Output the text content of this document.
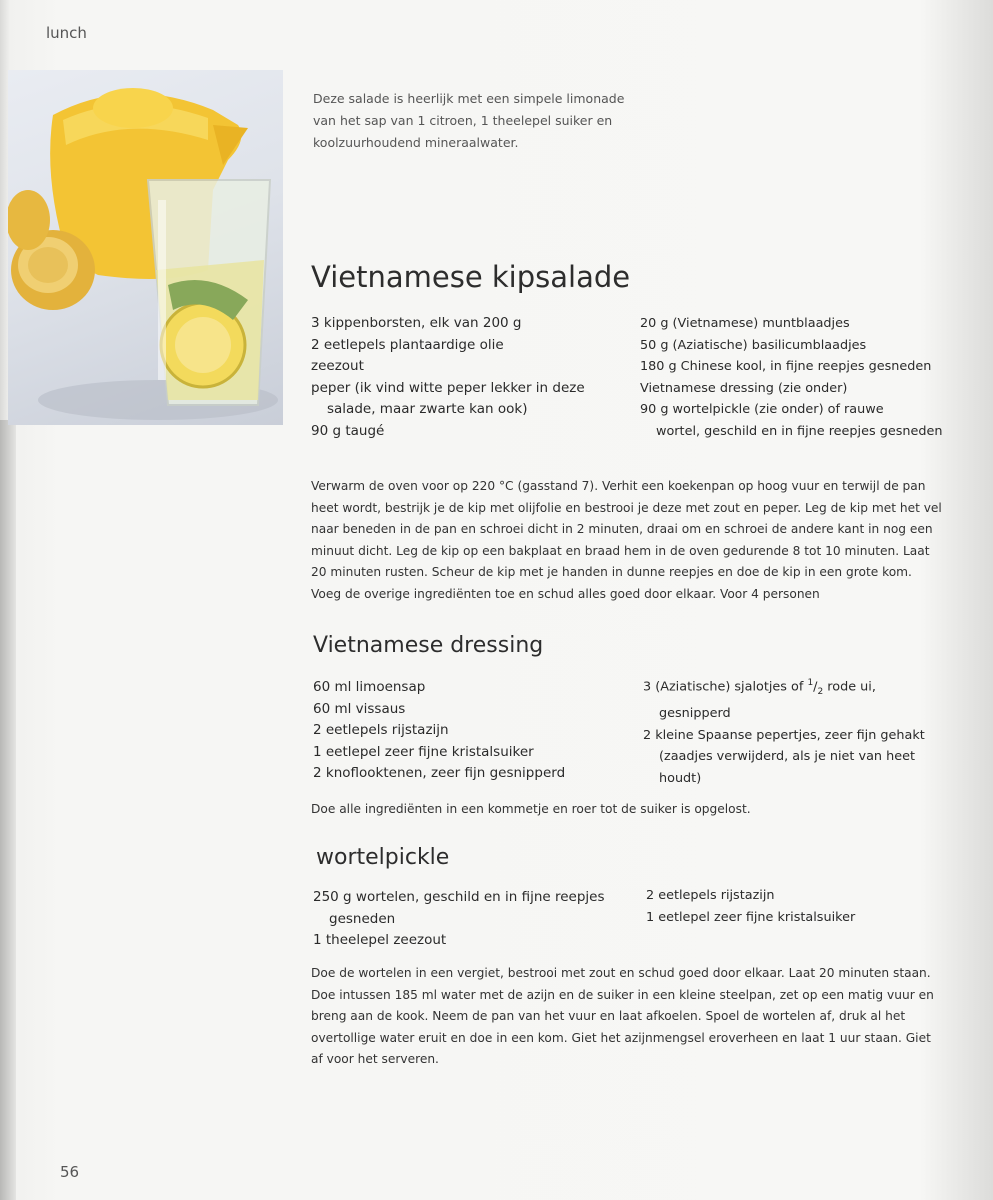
lunch
Deze salade is heerlijk met een simpele limonade van het sap van 1 citroen, 1 theelepel suiker en koolzuurhoudend mineraalwater.
Vietnamese kipsalade
3 kippenborsten, elk van 200 g
2 eetlepels plantaardige olie
zeezout
peper (ik vind witte peper lekker in deze
salade, maar zwarte kan ook)
90 g taugé
20 g (Vietnamese) muntblaadjes
50 g (Aziatische) basilicumblaadjes
180 g Chinese kool, in fijne reepjes gesneden
Vietnamese dressing (zie onder)
90 g wortelpickle (zie onder) of rauwe
wortel, geschild en in fijne reepjes gesneden
Verwarm de oven voor op 220 °C (gasstand 7). Verhit een koekenpan op hoog vuur en terwijl de pan heet wordt, bestrijk je de kip met olijfolie en bestrooi je deze met zout en peper. Leg de kip met het vel naar beneden in de pan en schroei dicht in 2 minuten, draai om en schroei de andere kant in nog een minuut dicht. Leg de kip op een bakplaat en braad hem in de oven gedurende 8 tot 10 minuten. Laat 20 minuten rusten. Scheur de kip met je handen in dunne reepjes en doe de kip in een grote kom. Voeg de overige ingrediënten toe en schud alles goed door elkaar. Voor 4 personen
Vietnamese dressing
60 ml limoensap
60 ml vissaus
2 eetlepels rijstazijn
1 eetlepel zeer fijne kristalsuiker
2 knoflooktenen, zeer fijn gesnipperd
3 (Aziatische) sjalotjes of $^1/_2$ rode ui,
gesnipperd
2 kleine Spaanse pepertjes, zeer fijn gehakt
(zaadjes verwijderd, als je niet van heet
houdt)
Doe alle ingrediënten in een kommetje en roer tot de suiker is opgelost.
wortelpickle
250 g wortelen, geschild en in fijne reepjes
gesneden
1 theelepel zeezout
2 eetlepels rijstazijn
1 eetlepel zeer fijne kristalsuiker
Doe de wortelen in een vergiet, bestrooi met zout en schud goed door elkaar. Laat 20 minuten staan. Doe intussen 185 ml water met de azijn en de suiker in een kleine steelpan, zet op een matig vuur en breng aan de kook. Neem de pan van het vuur en laat afkoelen. Spoel de wortelen af, druk al het overtollige water eruit en doe in een kom. Giet het azijnmengsel eroverheen en laat 1 uur staan. Giet af voor het serveren.
56
